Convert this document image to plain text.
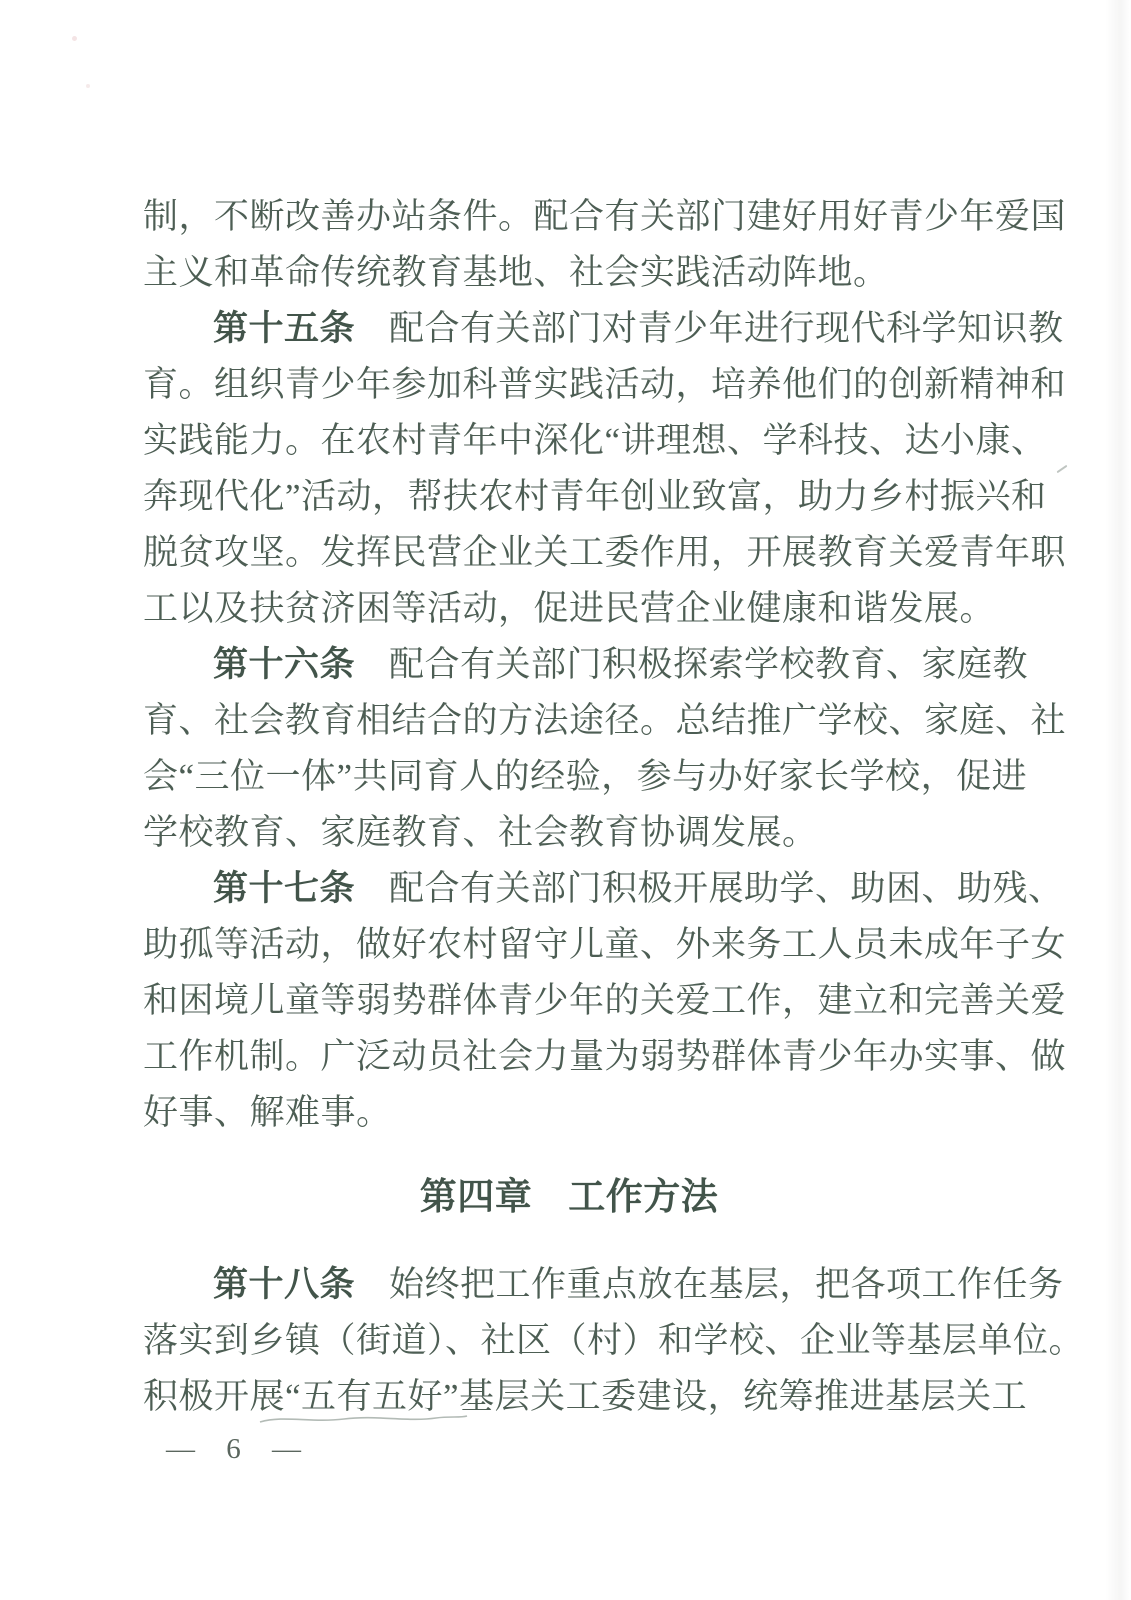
制，不断改善办站条件。配合有关部门建好用好青少年爱国
主义和革命传统教育基地、社会实践活动阵地。
第十五条 配合有关部门对青少年进行现代科学知识教
育。组织青少年参加科普实践活动，培养他们的创新精神和
实践能力。在农村青年中深化“讲理想、学科技、达小康、
奔现代化”活动，帮扶农村青年创业致富，助力乡村振兴和
脱贫攻坚。发挥民营企业关工委作用，开展教育关爱青年职
工以及扶贫济困等活动，促进民营企业健康和谐发展。
第十六条 配合有关部门积极探索学校教育、家庭教
育、社会教育相结合的方法途径。总结推广学校、家庭、社
会“三位一体”共同育人的经验，参与办好家长学校，促进
学校教育、家庭教育、社会教育协调发展。
第十七条 配合有关部门积极开展助学、助困、助残、
助孤等活动，做好农村留守儿童、外来务工人员未成年子女
和困境儿童等弱势群体青少年的关爱工作，建立和完善关爱
工作机制。广泛动员社会力量为弱势群体青少年办实事、做
好事、解难事。
第四章 工作方法
第十八条 始终把工作重点放在基层，把各项工作任务
落实到乡镇（街道）、社区（村）和学校、企业等基层单位。
积极开展“五有五好”基层关工委建设，统筹推进基层关工
— 6 —
